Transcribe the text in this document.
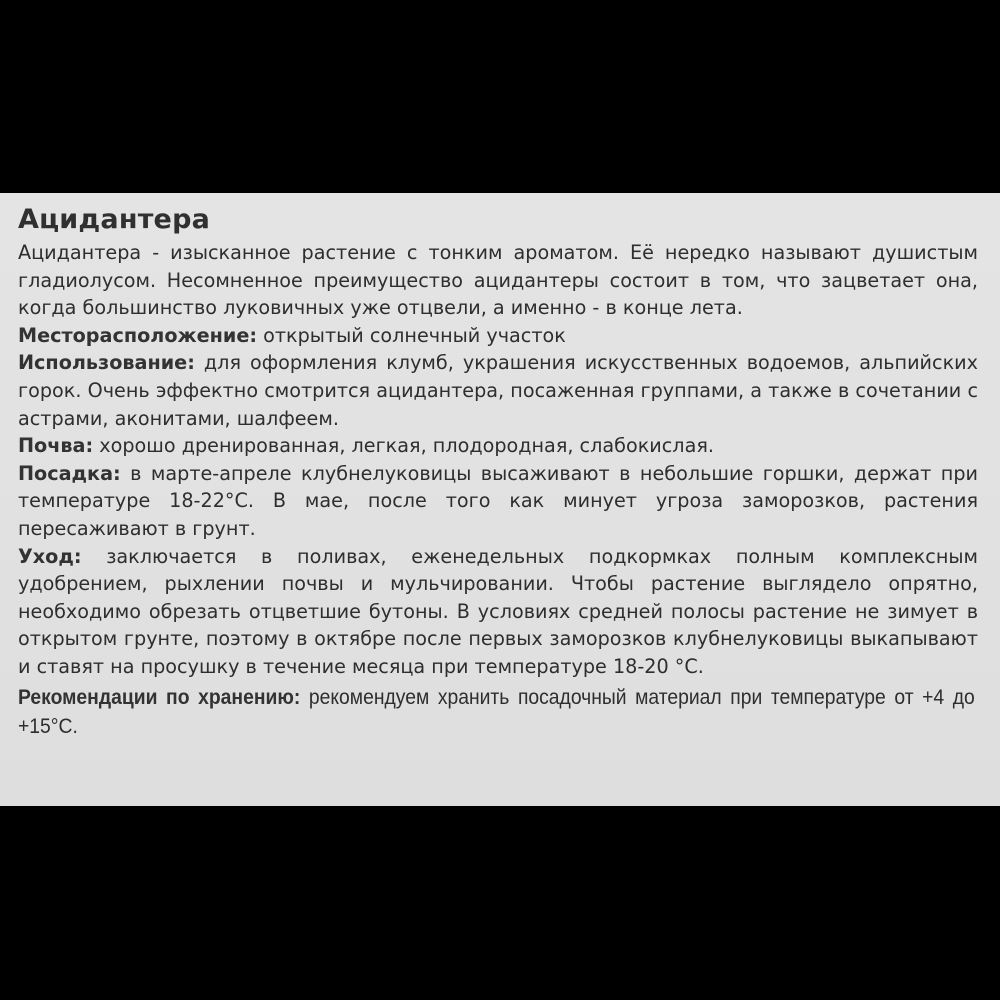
Ацидантера

Ацидантера - изысканное растение с тонким ароматом. Её нередко называют душистым гладиолусом. Несомненное преимущество ацидантеры состоит в том, что зацветает она, когда большинство луковичных уже отцвели, а именно - в конце лета.

Месторасположение: открытый солнечный участок

Использование: для оформления клумб, украшения искусственных водоемов, альпийских горок. Очень эффектно смотрится ацидантера, посаженная группами, а также в сочетании с астрами, аконитами, шалфеем.

Почва: хорошо дренированная, легкая, плодородная, слабокислая.

Посадка: в марте-апреле клубнелуковицы высаживают в небольшие горшки, держат при температуре 18-22°C. В мае, после того как минует угроза заморозков, растения пересаживают в грунт.

Уход: заключается в поливах, еженедельных подкормках полным комплексным удобрением, рыхлении почвы и мульчировании. Чтобы растение выглядело опрятно, необходимо обрезать отцветшие бутоны. В условиях средней полосы растение не зимует в открытом грунте, поэтому в октябре после первых заморозков клубнелуковицы выкапывают и ставят на просушку в течение месяца при температуре 18-20 °C.

Рекомендации по хранению: рекомендуем хранить посадочный материал при температуре от +4 до +15°C.
